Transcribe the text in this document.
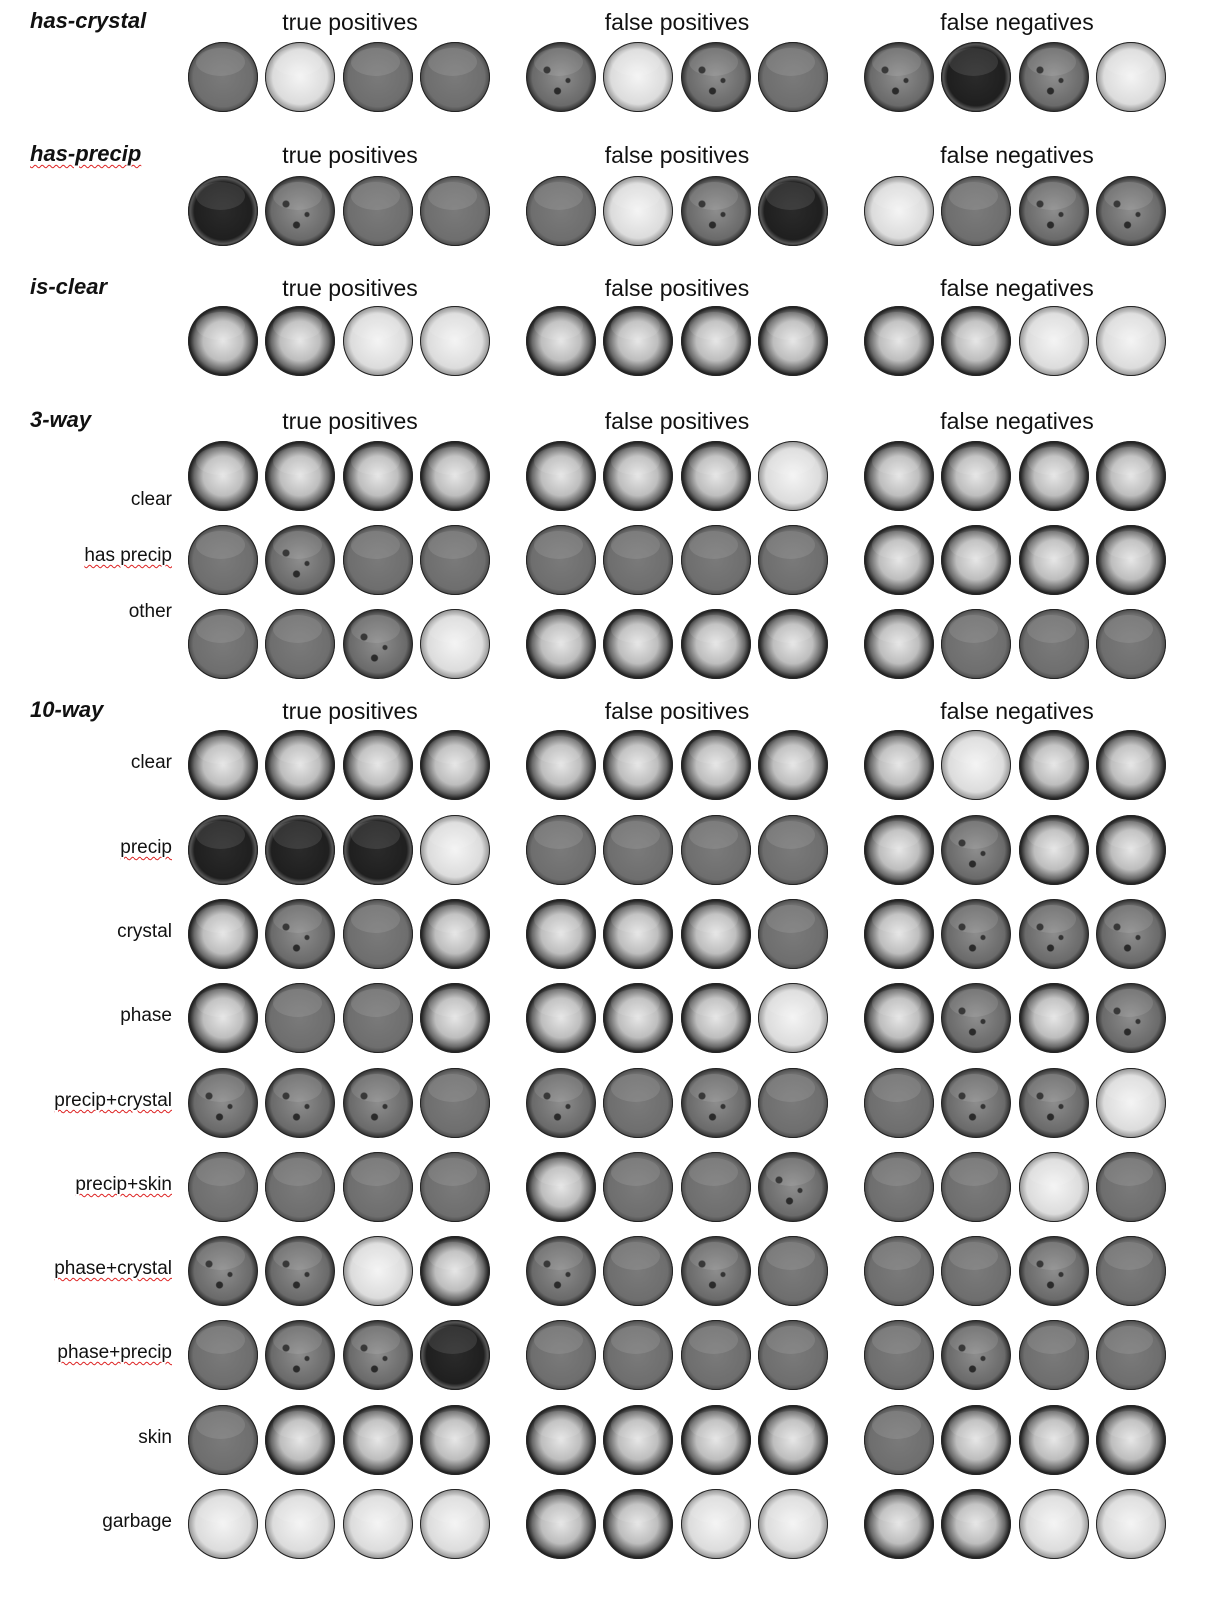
has-crystal	true positives	false positives	false negatives
has-precip	true positives	false positives	false negatives
is-clear	true positives	false positives	false negatives
3-way	true positives	false positives	false negatives
clear
has precip
other
10-way	true positives	false positives	false negatives
clear
precip
crystal
phase
precip+crystal
precip+skin
phase+crystal
phase+precip
skin
garbage
